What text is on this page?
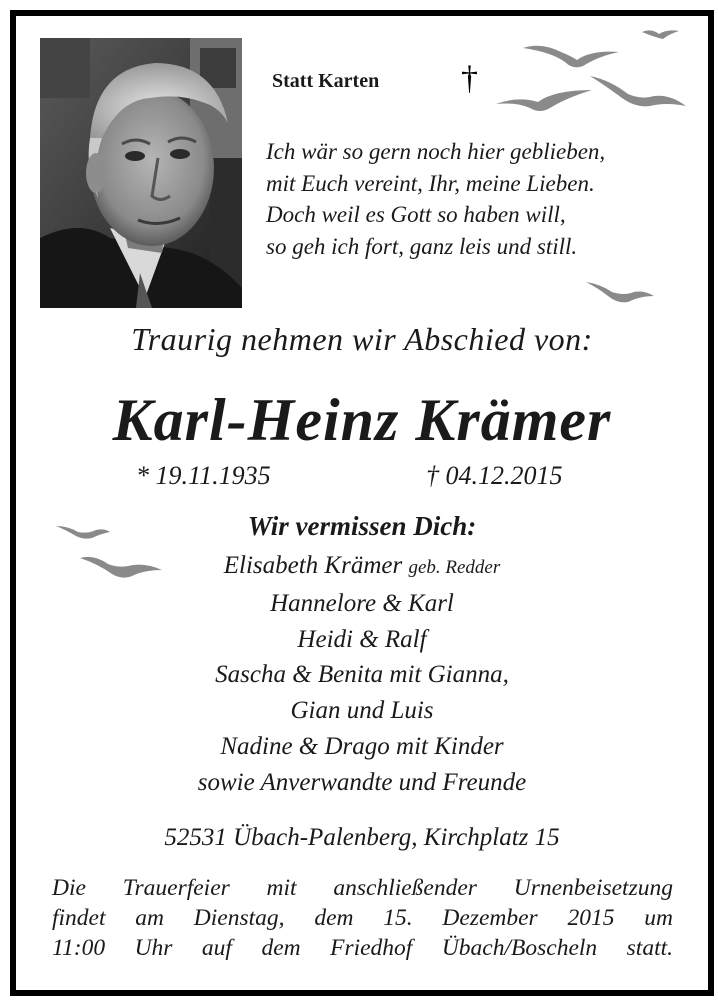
Statt Karten †
Ich wär so gern noch hier geblieben,
mit Euch vereint, Ihr, meine Lieben.
Doch weil es Gott so haben will,
so geh ich fort, ganz leis und still.
Traurig nehmen wir Abschied von:
Karl-Heinz Krämer
* 19.11.1935	† 04.12.2015
Wir vermissen Dich:
Elisabeth Krämer geb. Redder
Hannelore & Karl
Heidi & Ralf
Sascha & Benita mit Gianna,
Gian und Luis
Nadine & Drago mit Kinder
sowie Anverwandte und Freunde
52531 Übach-Palenberg, Kirchplatz 15
Die Trauerfeier mit anschließender Urnenbeisetzung
findet am Dienstag, dem 15. Dezember 2015 um
11:00 Uhr auf dem Friedhof Übach/Boscheln statt.
